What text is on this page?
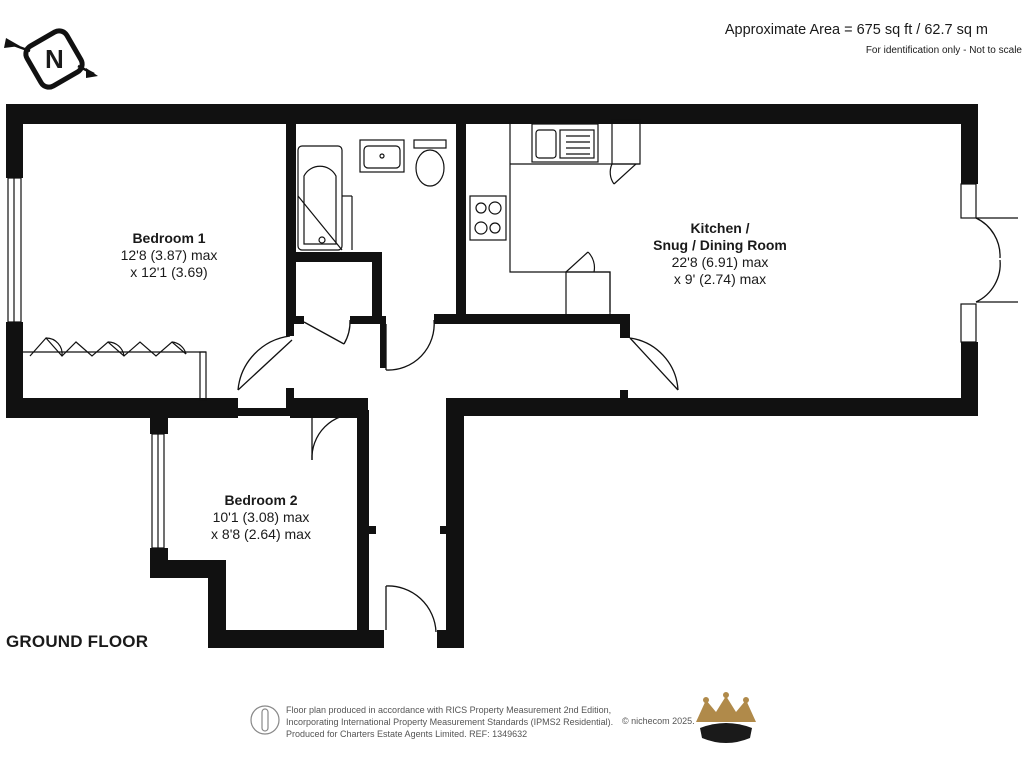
N
Approximate Area = 675 sq ft / 62.7 sq m
For identification only - Not to scale
Bedroom 1
12'8 (3.87) max
x 12'1 (3.69)
Kitchen /
Snug / Dining Room
22'8 (6.91) max
x 9' (2.74) max
Bedroom 2
10'1 (3.08) max
x 8'8 (2.64) max
GROUND FLOOR
Floor plan produced in accordance with RICS Property Measurement 2nd Edition,
Incorporating International Property Measurement Standards (IPMS2 Residential).
Produced for Charters Estate Agents Limited. REF: 1349632
© nichecom 2025.
